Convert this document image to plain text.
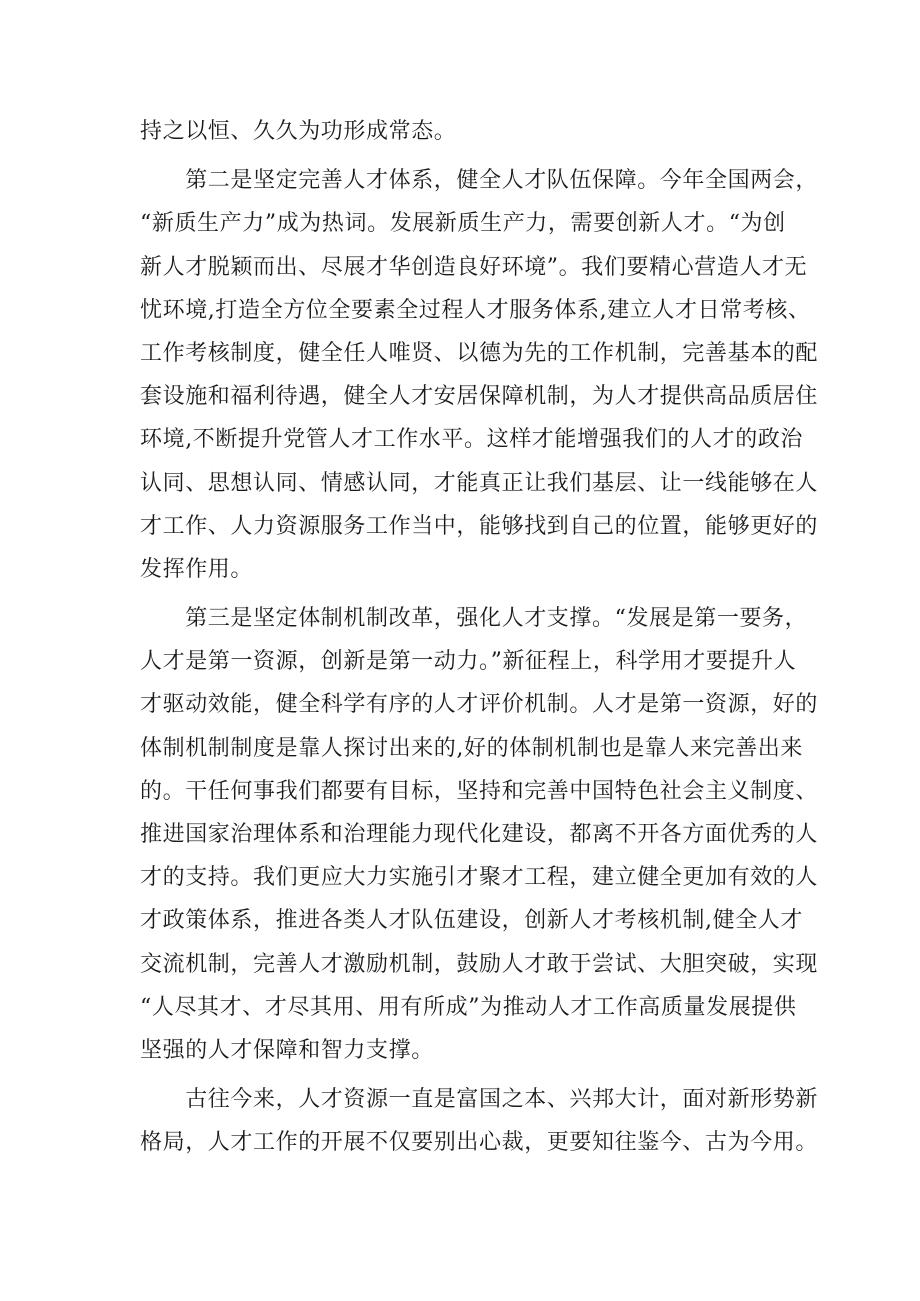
持之以恒、久久为功形成常态。
　　第二是坚定完善人才体系，健全人才队伍保障。今年全国两会，
“新质生产力”成为热词。发展新质生产力，需要创新人才。“为创
新人才脱颖而出、尽展才华创造良好环境”。我们要精心营造人才无
忧环境,打造全方位全要素全过程人才服务体系,建立人才日常考核、
工作考核制度，健全任人唯贤、以德为先的工作机制，完善基本的配
套设施和福利待遇，健全人才安居保障机制，为人才提供高品质居住
环境,不断提升党管人才工作水平。这样才能增强我们的人才的政治
认同、思想认同、情感认同，才能真正让我们基层、让一线能够在人
才工作、人力资源服务工作当中，能够找到自己的位置，能够更好的
发挥作用。
　　第三是坚定体制机制改革，强化人才支撑。“发展是第一要务，
人才是第一资源，创新是第一动力。”新征程上，科学用才要提升人
才驱动效能，健全科学有序的人才评价机制。人才是第一资源，好的
体制机制制度是靠人探讨出来的,好的体制机制也是靠人来完善出来
的。干任何事我们都要有目标，坚持和完善中国特色社会主义制度、
推进国家治理体系和治理能力现代化建设，都离不开各方面优秀的人
才的支持。我们更应大力实施引才聚才工程，建立健全更加有效的人
才政策体系，推进各类人才队伍建设，创新人才考核机制,健全人才
交流机制，完善人才激励机制，鼓励人才敢于尝试、大胆突破，实现
“人尽其才、才尽其用、用有所成”为推动人才工作高质量发展提供
坚强的人才保障和智力支撑。
　　古往今来，人才资源一直是富国之本、兴邦大计，面对新形势新
格局，人才工作的开展不仅要别出心裁，更要知往鉴今、古为今用。
